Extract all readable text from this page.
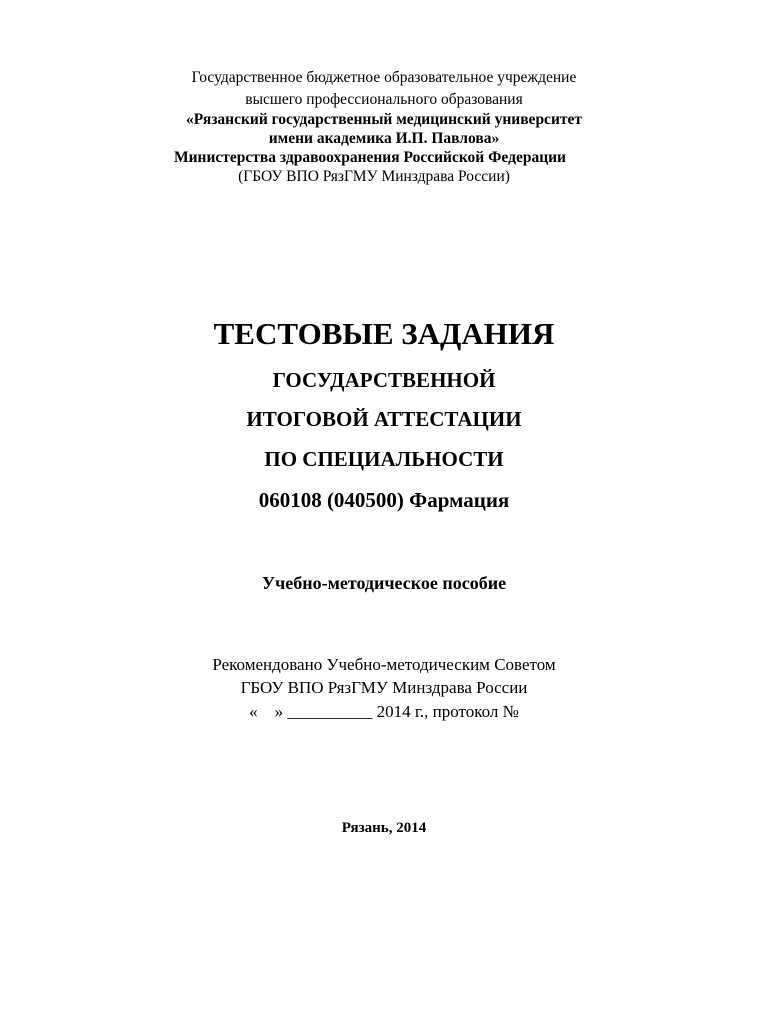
Государственное бюджетное образовательное учреждение
высшего профессионального образования
«Рязанский государственный медицинский университет
имени академика И.П. Павлова»
Министерства здравоохранения Российской Федерации
(ГБОУ ВПО РязГМУ Минздрава России)
ТЕСТОВЫЕ ЗАДАНИЯ
ГОСУДАРСТВЕННОЙ
ИТОГОВОЙ АТТЕСТАЦИИ
ПО СПЕЦИАЛЬНОСТИ
060108 (040500) Фармация
Учебно-методическое пособие
Рекомендовано Учебно-методическим Советом
ГБОУ ВПО РязГМУ Минздрава России
«    » __________ 2014 г., протокол №
Рязань, 2014
